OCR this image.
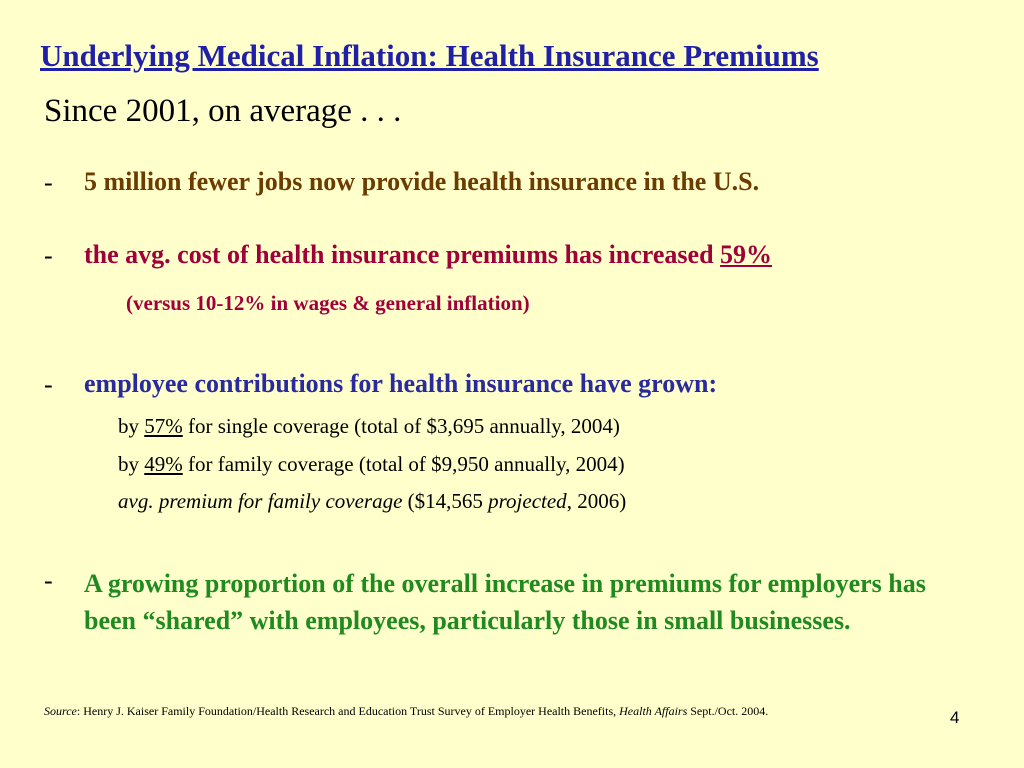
Underlying Medical Inflation: Health Insurance Premiums
Since 2001, on average . . .
- 5 million fewer jobs now provide health insurance in the U.S.
- the avg. cost of health insurance premiums has increased 59%
(versus 10-12% in wages & general inflation)
- employee contributions for health insurance have grown:
by 57% for single coverage (total of $3,695 annually, 2004)
by 49% for family coverage (total of $9,950 annually, 2004)
avg. premium for family coverage ($14,565 projected, 2006)
- A growing proportion of the overall increase in premiums for employers has been “shared” with employees, particularly those in small businesses.
Source: Henry J. Kaiser Family Foundation/Health Research and Education Trust Survey of Employer Health Benefits, Health Affairs Sept./Oct. 2004.	4
